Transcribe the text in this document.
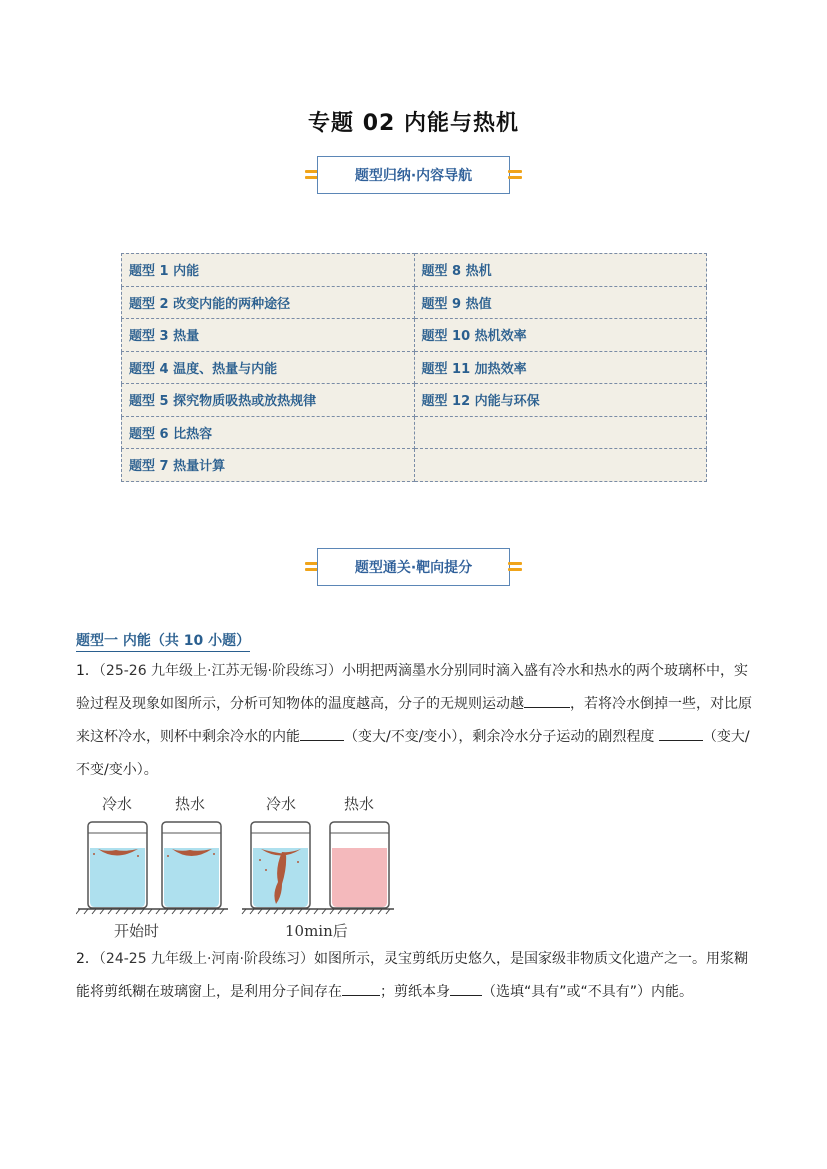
专题 02 内能与热机
题型归纳·内容导航
题型 1 内能	题型 8 热机
题型 2 改变内能的两种途径	题型 9 热值
题型 3 热量	题型 10 热机效率
题型 4 温度、热量与内能	题型 11 加热效率
题型 5 探究物质吸热或放热规律	题型 12 内能与环保
题型 6 比热容	
题型 7 热量计算	
题型通关·靶向提分
题型一 内能（共 10 小题）
1．（25-26 九年级上·江苏无锡·阶段练习）小明把两滴墨水分别同时滴入盛有冷水和热水的两个玻璃杯中，实验过程及现象如图所示，分析可知物体的温度越高，分子的无规则运动越	，若将冷水倒掉一些，对比原来这杯冷水，则杯中剩余冷水的内能	（变大/不变/变小），剩余冷水分子运动的剧烈程度	（变大/不变/变小）。
冷水	热水	冷水	热水
开始时	10min后
2．（24-25 九年级上·河南·阶段练习）如图所示，灵宝剪纸历史悠久，是国家级非物质文化遗产之一。用浆糊能将剪纸糊在玻璃窗上，是利用分子间存在	；剪纸本身 （选填“具有”或“不具有”）内能。
